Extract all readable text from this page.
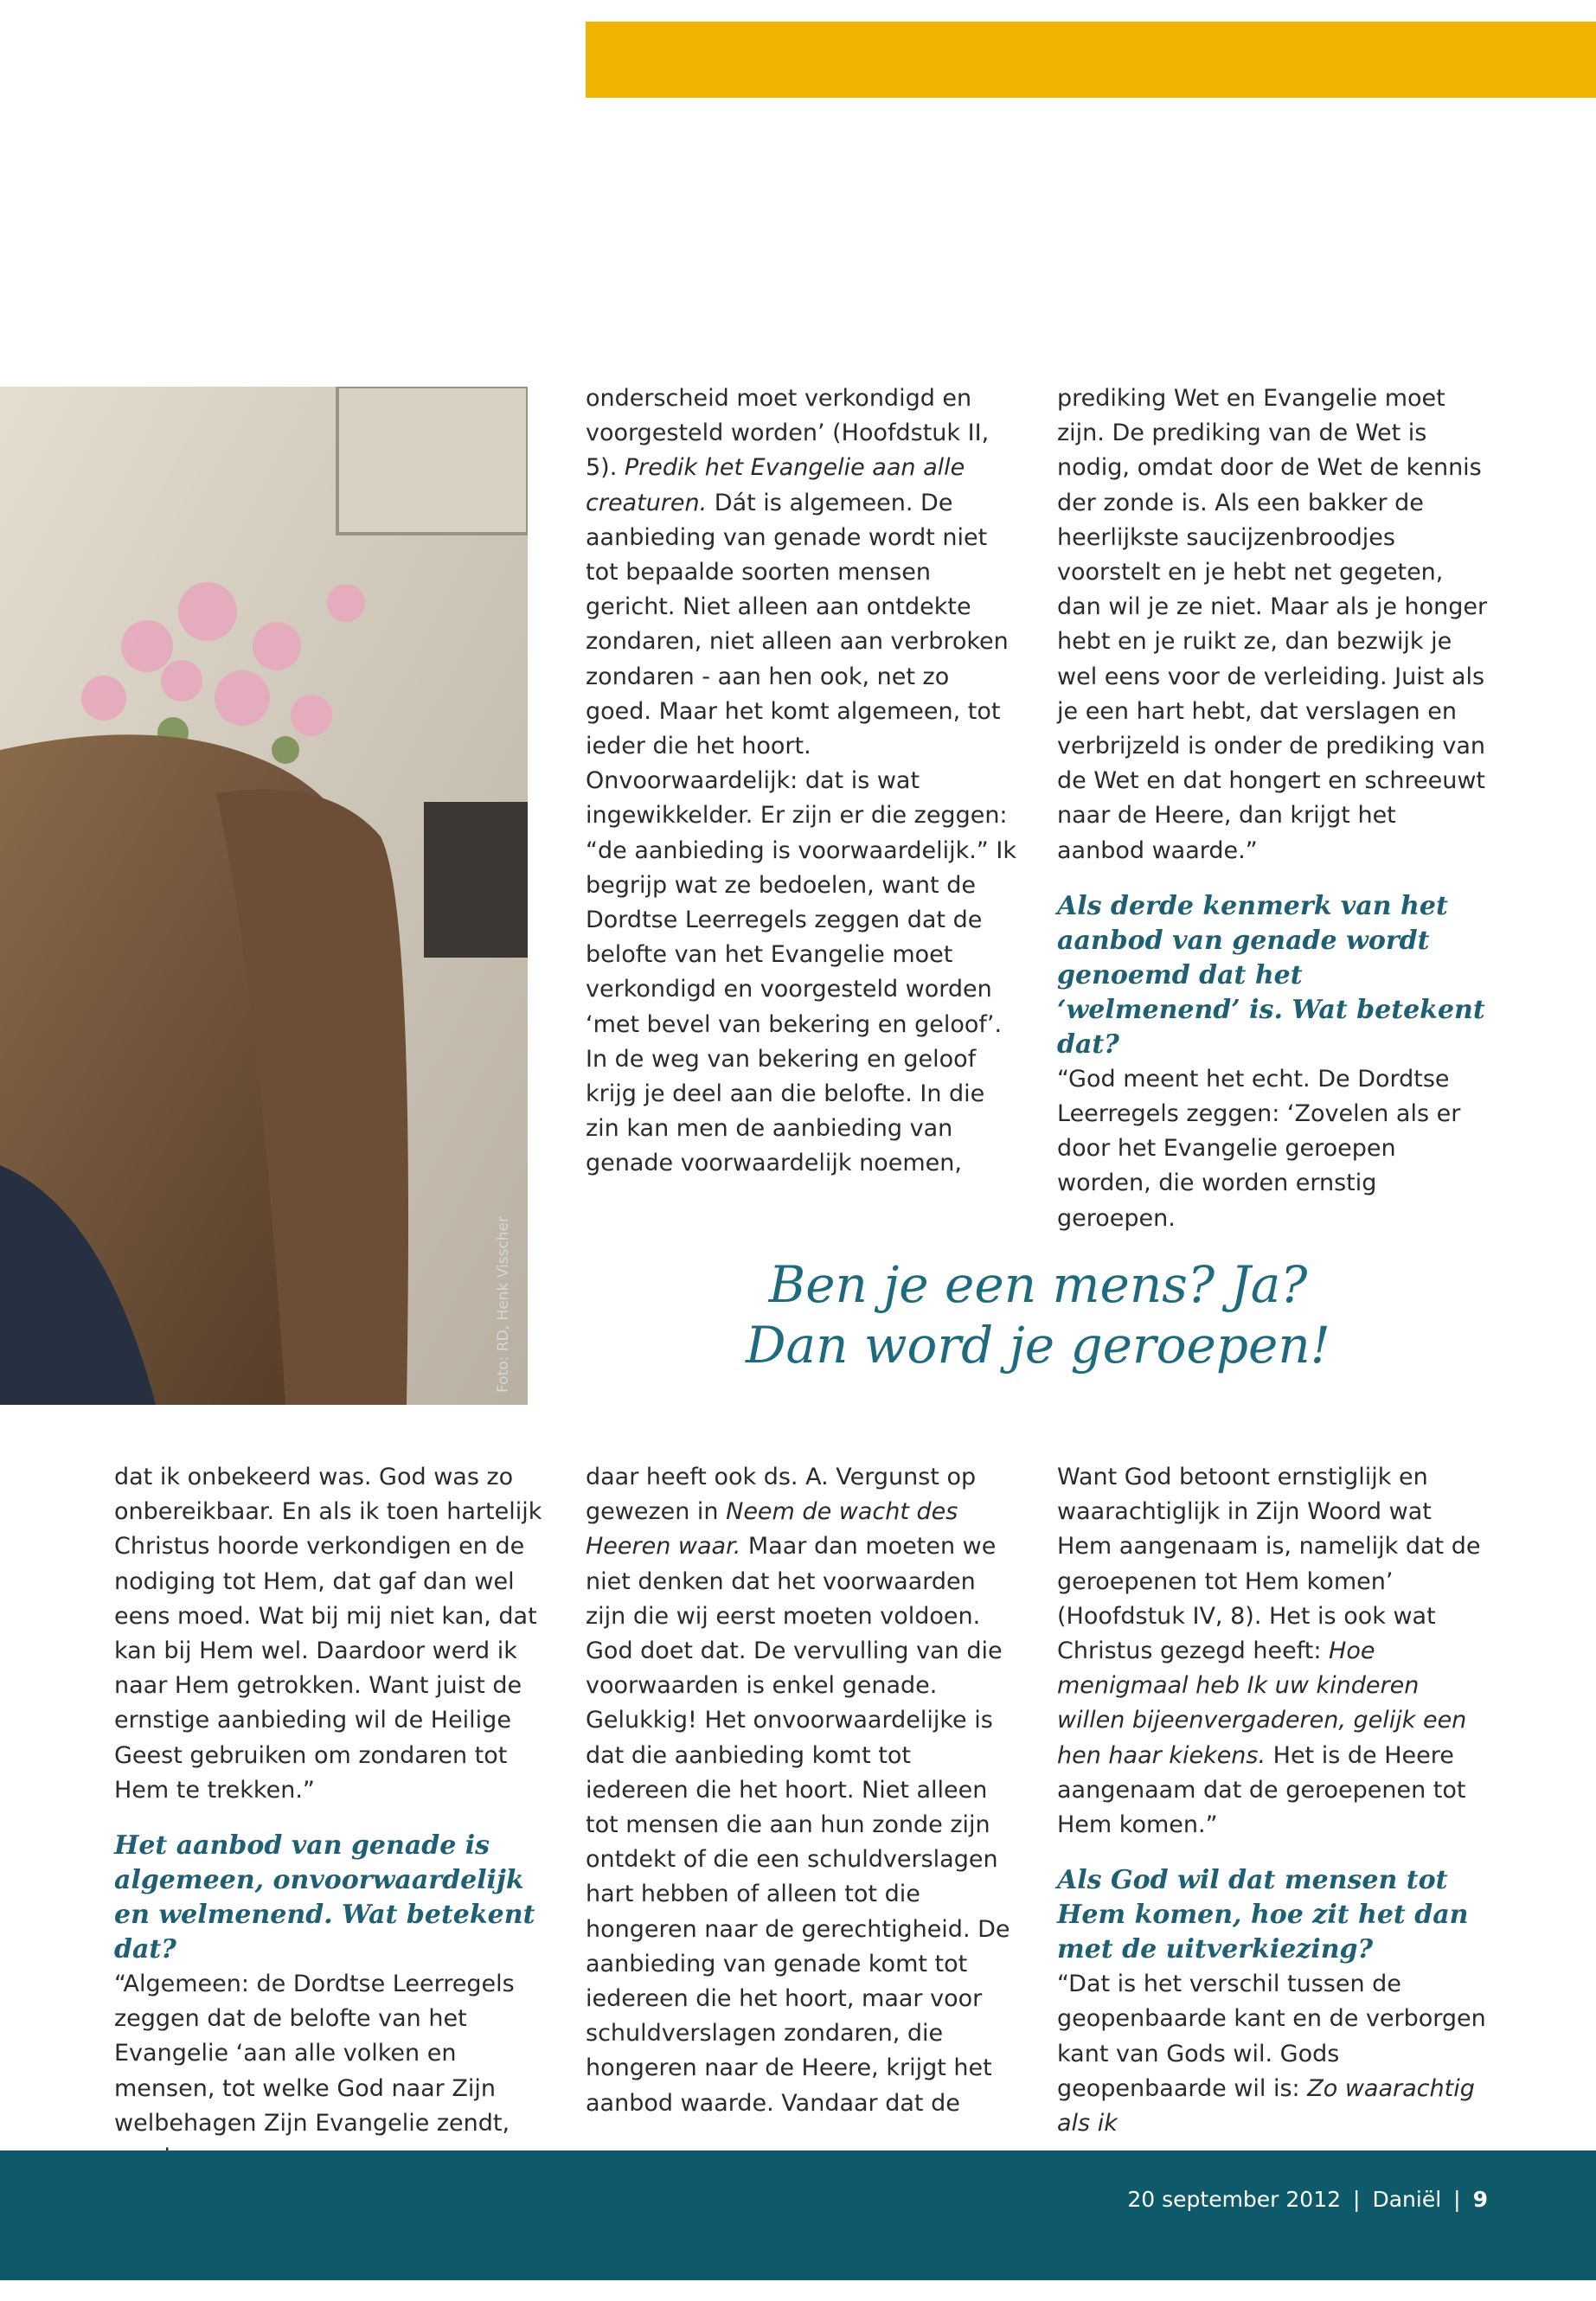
Foto: RD, Henk Visscher

onderscheid moet verkondigd en voorgesteld worden’ (Hoofdstuk II, 5). Predik het Evangelie aan alle creaturen. Dát is algemeen. De aanbieding van genade wordt niet tot bepaalde soorten mensen gericht. Niet alleen aan ontdekte zondaren, niet alleen aan verbroken zondaren - aan hen ook, net zo goed. Maar het komt algemeen, tot ieder die het hoort. Onvoorwaardelijk: dat is wat ingewikkelder. Er zijn er die zeggen: “de aanbieding is voorwaardelijk.” Ik begrijp wat ze bedoelen, want de Dordtse Leerregels zeggen dat de belofte van het Evangelie moet verkondigd en voorgesteld worden ‘met bevel van bekering en geloof’. In de weg van bekering en geloof krijg je deel aan die belofte. In die zin kan men de aanbieding van genade voorwaardelijk noemen,

prediking Wet en Evangelie moet zijn. De prediking van de Wet is nodig, omdat door de Wet de kennis der zonde is. Als een bakker de heerlijkste saucijzenbroodjes voorstelt en je hebt net gegeten, dan wil je ze niet. Maar als je honger hebt en je ruikt ze, dan bezwijk je wel eens voor de verleiding. Juist als je een hart hebt, dat verslagen en verbrijzeld is onder de prediking van de Wet en dat hongert en schreeuwt naar de Heere, dan krijgt het aanbod waarde.”

Als derde kenmerk van het aanbod van genade wordt genoemd dat het ‘welmenend’ is. Wat betekent dat?

“God meent het echt. De Dordtse Leerregels zeggen: ‘Zovelen als er door het Evangelie geroepen worden, die worden ernstig geroepen.

Ben je een mens? Ja?
Dan word je geroepen!

dat ik onbekeerd was. God was zo onbereikbaar. En als ik toen hartelijk Christus hoorde verkondigen en de nodiging tot Hem, dat gaf dan wel eens moed. Wat bij mij niet kan, dat kan bij Hem wel. Daardoor werd ik naar Hem getrokken. Want juist de ernstige aanbieding wil de Heilige Geest gebruiken om zondaren tot Hem te trekken.”

Het aanbod van genade is algemeen, onvoorwaardelijk en welmenend. Wat betekent dat?

“Algemeen: de Dordtse Leerregels zeggen dat de belofte van het Evangelie ‘aan alle volken en mensen, tot welke God naar Zijn welbehagen Zijn Evangelie zendt,

daar heeft ook ds. A. Vergunst op gewezen in Neem de wacht des Heeren waar. Maar dan moeten we niet denken dat het voorwaarden zijn die wij eerst moeten voldoen. God doet dat. De vervulling van die voorwaarden is enkel genade. Gelukkig! Het onvoorwaardelijke is dat die aanbieding komt tot iedereen die het hoort. Niet alleen tot mensen die aan hun zonde zijn ontdekt of die een schuldverslagen hart hebben of alleen tot die hongeren naar de gerechtigheid. De aanbieding van genade komt tot iedereen die het hoort, maar voor schuldverslagen zondaren, die hongeren naar de Heere, krijgt het aanbod waarde. Vandaar dat de

Want God betoont ernstiglijk en waarachtiglijk in Zijn Woord wat Hem aangenaam is, namelijk dat de geroepenen tot Hem komen’ (Hoofdstuk IV, 8). Het is ook wat Christus gezegd heeft: Hoe menigmaal heb Ik uw kinderen willen bijeenvergaderen, gelijk een hen haar kiekens. Het is de Heere aangenaam dat de geroepenen tot Hem komen.”

Als God wil dat mensen tot Hem komen, hoe zit het dan met de uitverkiezing?

“Dat is het verschil tussen de geopenbaarde kant en de verborgen kant van Gods wil. Gods geopenbaarde wil is: Zo waarachtig als ik

20 september 2012 | Daniël | 9
